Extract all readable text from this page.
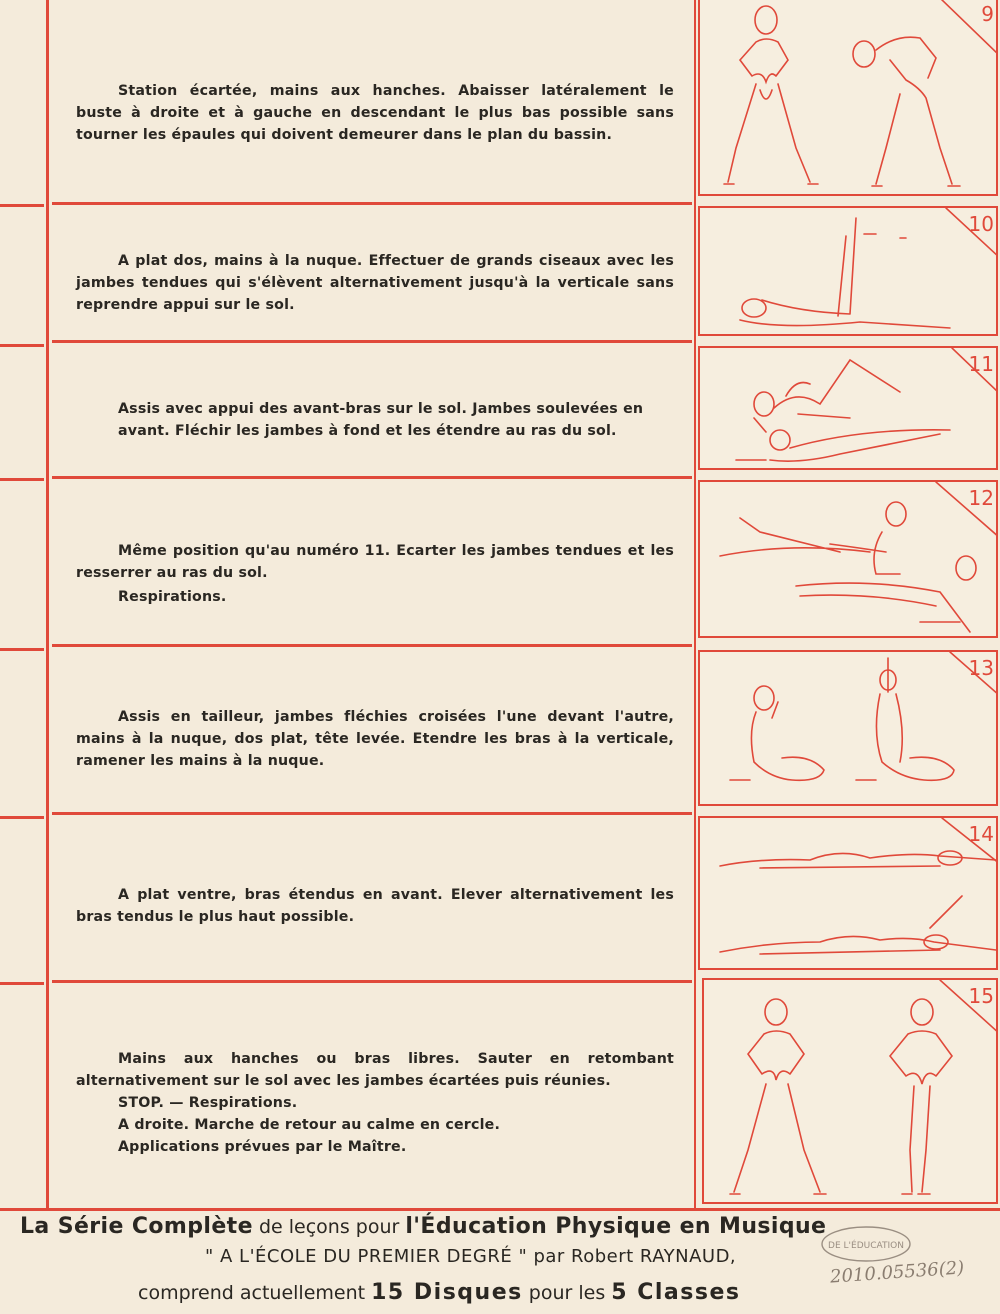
Station écartée, mains aux hanches. Abaisser latéralement le buste à droite et à gauche en descendant le plus bas possible sans tourner les épaules qui doivent demeurer dans le plan du bassin.

A plat dos, mains à la nuque. Effectuer de grands ciseaux avec les jambes tendues qui s'élèvent alternativement jusqu'à la verticale sans reprendre appui sur le sol.

Assis avec appui des avant-bras sur le sol. Jambes soulevées en avant. Fléchir les jambes à fond et les étendre au ras du sol.

Même position qu'au numéro 11. Ecarter les jambes tendues et les resserrer au ras du sol.

Respirations.

Assis en tailleur, jambes fléchies croisées l'une devant l'autre, mains à la nuque, dos plat, tête levée. Etendre les bras à la verticale, ramener les mains à la nuque.

A plat ventre, bras étendus en avant. Elever alternativement les bras tendus le plus haut possible.

Mains aux hanches ou bras libres. Sauter en retombant alternativement sur le sol avec les jambes écartées puis réunies.

STOP. — Respirations.

A droite. Marche de retour au calme en cercle.

Applications prévues par le Maître.

9
10
11
12
13
14
15
La Série Complète de leçons pour l'Éducation Physique en Musique
" A L'ÉCOLE DU PREMIER DEGRÉ " par Robert RAYNAUD,
comprend actuellement 15 Disques pour les 5 Classes
DE L'ÉDUCATION
2010.05536(2)
